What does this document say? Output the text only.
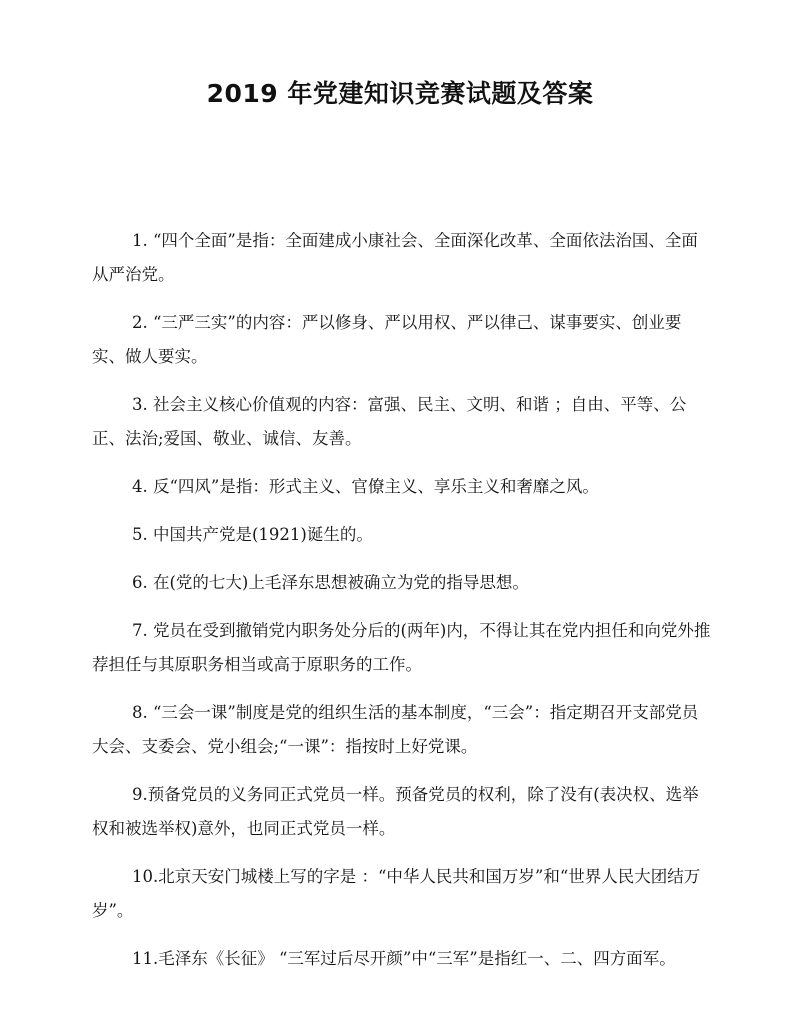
2019 年党建知识竞赛试题及答案

1. “四个全面”是指：全面建成小康社会、全面深化改革、全面依法治国、全面从严治党。

2. “三严三实”的内容：严以修身、严以用权、严以律己、谋事要实、创业要实、做人要实。

3. 社会主义核心价值观的内容：富强、民主、文明、和谐 ；自由、平等、公正、法治;爱国、敬业、诚信、友善。

4. 反“四风”是指：形式主义、官僚主义、享乐主义和奢靡之风。

5. 中国共产党是(1921)诞生的。

6. 在(党的七大)上毛泽东思想被确立为党的指导思想。

7. 党员在受到撤销党内职务处分后的(两年)内，不得让其在党内担任和向党外推荐担任与其原职务相当或高于原职务的工作。

8. “三会一课”制度是党的组织生活的基本制度，“三会”：指定期召开支部党员大会、支委会、党小组会;“一课”：指按时上好党课。

9.预备党员的义务同正式党员一样。预备党员的权利，除了没有(表决权、选举权和被选举权)意外，也同正式党员一样。

10.北京天安门城楼上写的字是 ：“中华人民共和国万岁”和“世界人民大团结万岁”。

11.毛泽东《长征》 “三军过后尽开颜”中“三军”是指红一、二、四方面军。
